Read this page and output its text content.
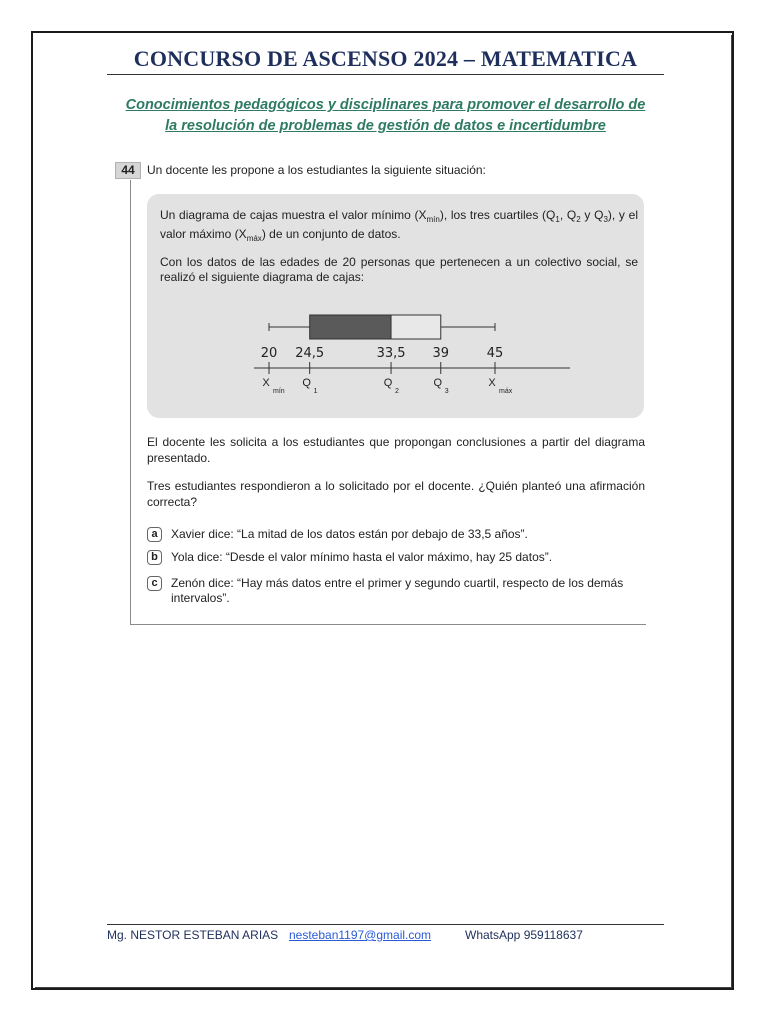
CONCURSO DE ASCENSO 2024 – MATEMATICA
Conocimientos pedagógicos y disciplinares para promover el desarrollo de
la resolución de problemas de gestión de datos e incertidumbre
44	Un docente les propone a los estudiantes la siguiente situación:
Un diagrama de cajas muestra el valor mínimo $(X_{mín})$, los tres cuartiles ($Q_1$, $Q_2$ y $Q_3$), y el valor máximo $(X_{máx})$ de un conjunto de datos.
Con los datos de las edades de 20 personas que pertenecen a un colectivo social, se realizó el siguiente diagrama de cajas:
20
X
mín
24,5
Q
1
33,5
Q
2
39
Q
3
45
X
máx
El docente les solicita a los estudiantes que propongan conclusiones a partir del diagrama presentado.
Tres estudiantes respondieron a lo solicitado por el docente. ¿Quién planteó una afirmación correcta?
a	Xavier dice: “La mitad de los datos están por debajo de 33,5 años”.
b	Yola dice: “Desde el valor mínimo hasta el valor máximo, hay 25 datos”.
c	Zenón dice: “Hay más datos entre el primer y segundo cuartil, respecto de los demás intervalos”.
Mg. NESTOR ESTEBAN ARIAS nesteban1197@gmail.com	WhatsApp 959118637
